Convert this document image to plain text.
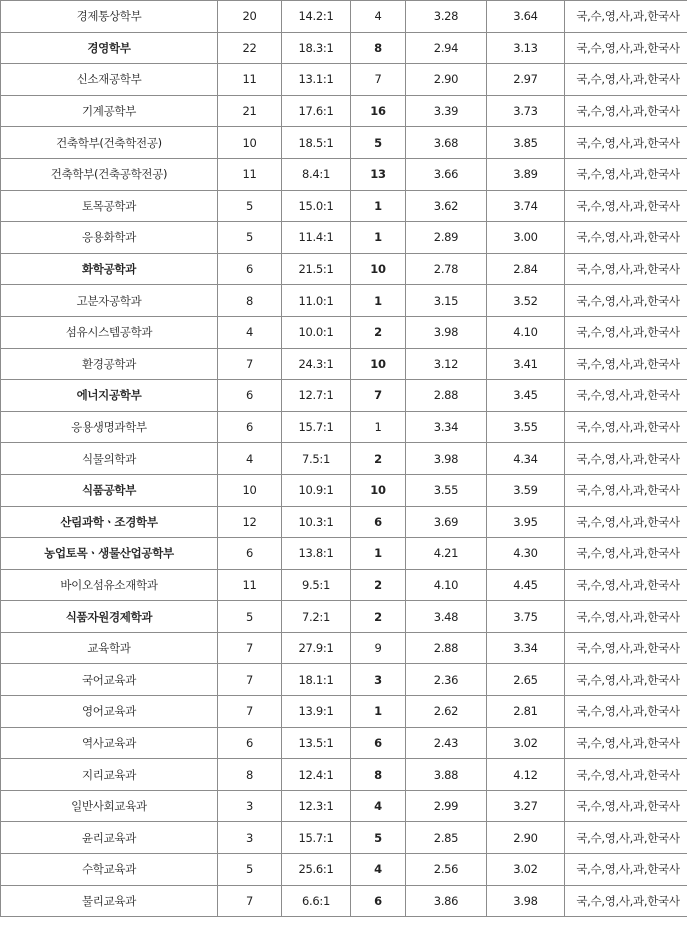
경제통상학부	20	14.2:1	4	3.28	3.64	국,수,영,사,과,한국사
경영학부	22	18.3:1	8	2.94	3.13	국,수,영,사,과,한국사
신소재공학부	11	13.1:1	7	2.90	2.97	국,수,영,사,과,한국사
기계공학부	21	17.6:1	16	3.39	3.73	국,수,영,사,과,한국사
건축학부(건축학전공)	10	18.5:1	5	3.68	3.85	국,수,영,사,과,한국사
건축학부(건축공학전공)	11	8.4:1	13	3.66	3.89	국,수,영,사,과,한국사
토목공학과	5	15.0:1	1	3.62	3.74	국,수,영,사,과,한국사
응용화학과	5	11.4:1	1	2.89	3.00	국,수,영,사,과,한국사
화학공학과	6	21.5:1	10	2.78	2.84	국,수,영,사,과,한국사
고분자공학과	8	11.0:1	1	3.15	3.52	국,수,영,사,과,한국사
섬유시스템공학과	4	10.0:1	2	3.98	4.10	국,수,영,사,과,한국사
환경공학과	7	24.3:1	10	3.12	3.41	국,수,영,사,과,한국사
에너지공학부	6	12.7:1	7	2.88	3.45	국,수,영,사,과,한국사
응용생명과학부	6	15.7:1	1	3.34	3.55	국,수,영,사,과,한국사
식물의학과	4	7.5:1	2	3.98	4.34	국,수,영,사,과,한국사
식품공학부	10	10.9:1	10	3.55	3.59	국,수,영,사,과,한국사
산림과학ㆍ조경학부	12	10.3:1	6	3.69	3.95	국,수,영,사,과,한국사
농업토목ㆍ생물산업공학부	6	13.8:1	1	4.21	4.30	국,수,영,사,과,한국사
바이오섬유소재학과	11	9.5:1	2	4.10	4.45	국,수,영,사,과,한국사
식품자원경제학과	5	7.2:1	2	3.48	3.75	국,수,영,사,과,한국사
교육학과	7	27.9:1	9	2.88	3.34	국,수,영,사,과,한국사
국어교육과	7	18.1:1	3	2.36	2.65	국,수,영,사,과,한국사
영어교육과	7	13.9:1	1	2.62	2.81	국,수,영,사,과,한국사
역사교육과	6	13.5:1	6	2.43	3.02	국,수,영,사,과,한국사
지리교육과	8	12.4:1	8	3.88	4.12	국,수,영,사,과,한국사
일반사회교육과	3	12.3:1	4	2.99	3.27	국,수,영,사,과,한국사
윤리교육과	3	15.7:1	5	2.85	2.90	국,수,영,사,과,한국사
수학교육과	5	25.6:1	4	2.56	3.02	국,수,영,사,과,한국사
물리교육과	7	6.6:1	6	3.86	3.98	국,수,영,사,과,한국사
